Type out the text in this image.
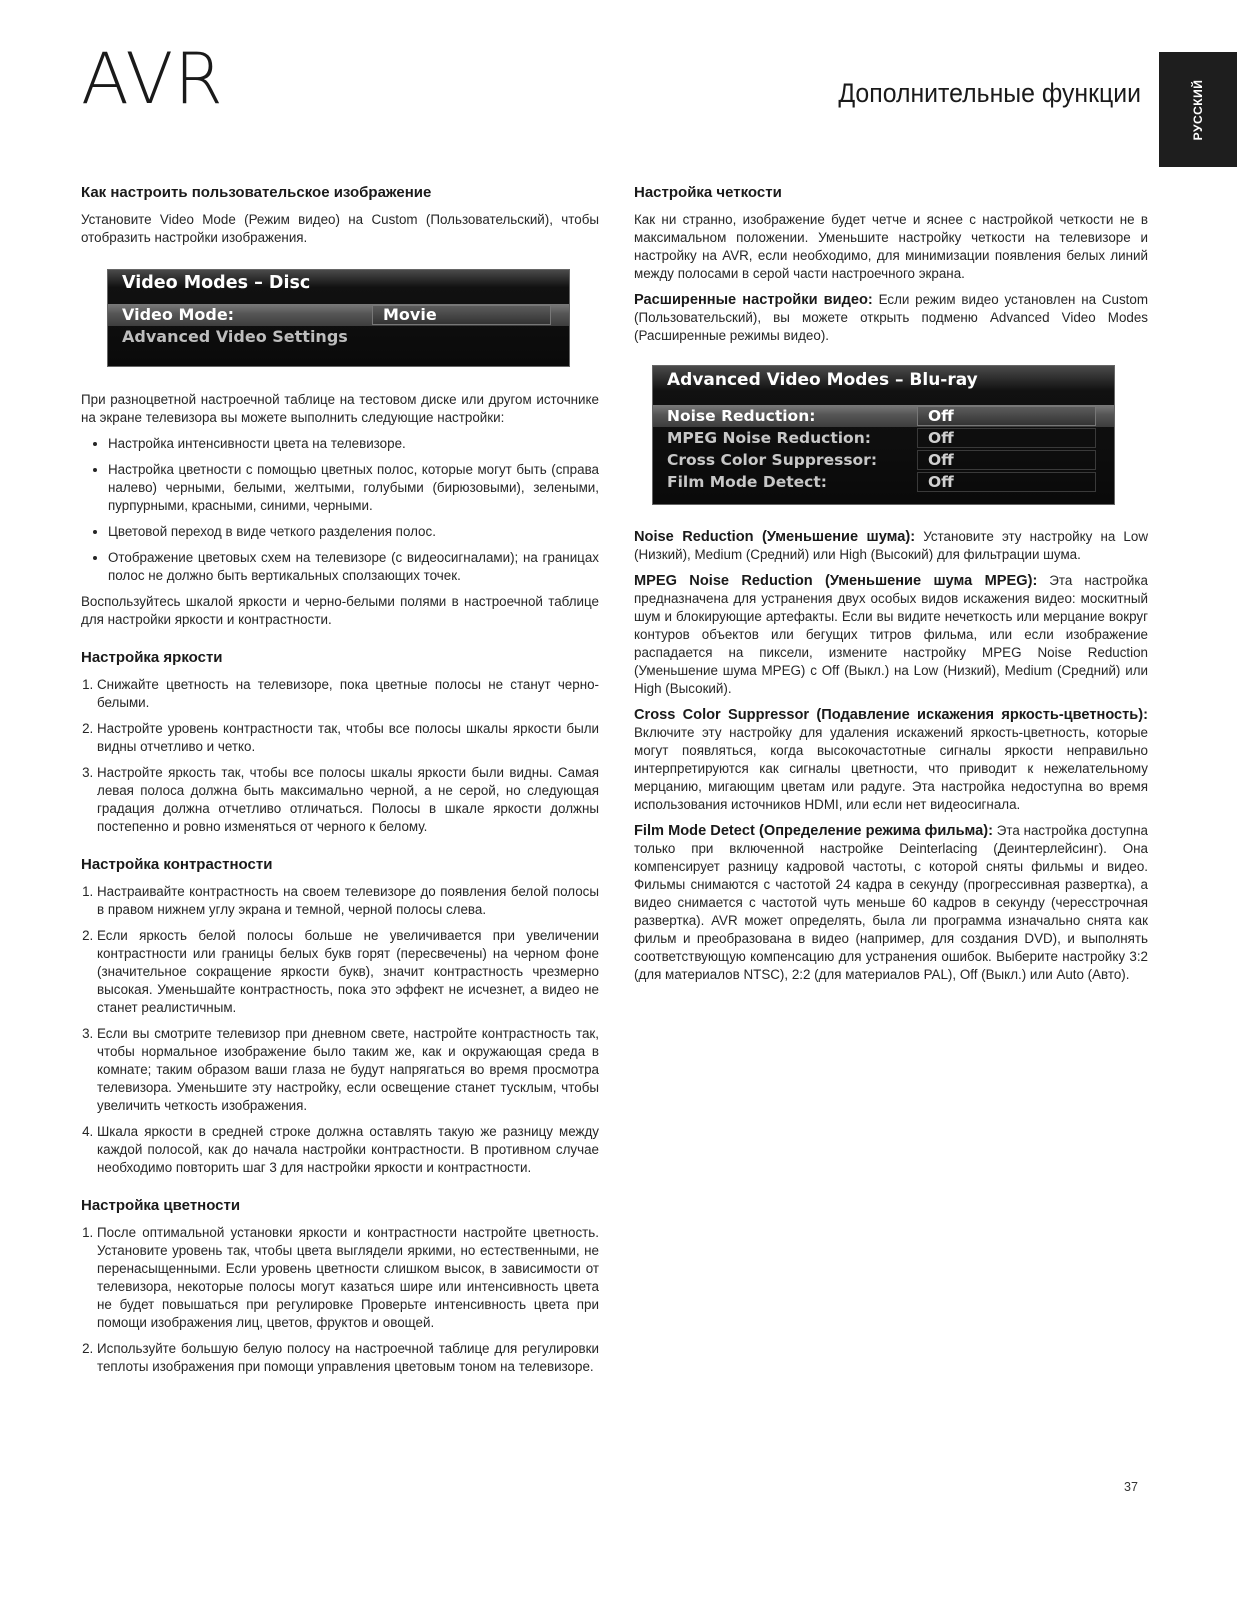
AVR	Дополнительные функции	РУССКИЙ
Как настроить пользовательское изображение

Установите Video Mode (Режим видео) на Custom (Пользовательский), чтобы отобразить настройки изображения.

Video Modes – Disc
Video Mode:	Movie
Advanced Video Settings

При разноцветной настроечной таблице на тестовом диске или другом источнике на экране телевизора вы можете выполнить следующие настройки:

• Настройка интенсивности цвета на телевизоре.
• Настройка цветности с помощью цветных полос, которые могут быть (справа налево) черными, белыми, желтыми, голубыми (бирюзовыми), зелеными, пурпурными, красными, синими, черными.
• Цветовой переход в виде четкого разделения полос.
• Отображение цветовых схем на телевизоре (с видеосигналами); на границах полос не должно быть вертикальных сползающих точек.

Воспользуйтесь шкалой яркости и черно-белыми полями в настроечной таблице для настройки яркости и контрастности.

Настройка яркости
1. Снижайте цветность на телевизоре, пока цветные полосы не станут черно-белыми.
2. Настройте уровень контрастности так, чтобы все полосы шкалы яркости были видны отчетливо и четко.
3. Настройте яркость так, чтобы все полосы шкалы яркости были видны. Самая левая полоса должна быть максимально черной, а не серой, но следующая градация должна отчетливо отличаться. Полосы в шкале яркости должны постепенно и ровно изменяться от черного к белому.
Настройка контрастности
1. Настраивайте контрастность на своем телевизоре до появления белой полосы в правом нижнем углу экрана и темной, черной полосы слева.
2. Если яркость белой полосы больше не увеличивается при увеличении контрастности или границы белых букв горят (пересвечены) на черном фоне (значительное сокращение яркости букв), значит контрастность чрезмерно высокая. Уменьшайте контрастность, пока это эффект не исчезнет, а видео не станет реалистичным.
3. Если вы смотрите телевизор при дневном свете, настройте контрастность так, чтобы нормальное изображение было таким же, как и окружающая среда в комнате; таким образом ваши глаза не будут напрягаться во время просмотра телевизора. Уменьшите эту настройку, если освещение станет тусклым, чтобы увеличить четкость изображения.
4. Шкала яркости в средней строке должна оставлять такую же разницу между каждой полосой, как до начала настройки контрастности. В противном случае необходимо повторить шаг 3 для настройки яркости и контрастности.
Настройка цветности
1. После оптимальной установки яркости и контрастности настройте цветность. Установите уровень так, чтобы цвета выглядели яркими, но естественными, не перенасыщенными. Если уровень цветности слишком высок, в зависимости от телевизора, некоторые полосы могут казаться шире или интенсивность цвета не будет повышаться при регулировке Проверьте интенсивность цвета при помощи изображения лиц, цветов, фруктов и овощей.
2. Используйте большую белую полосу на настроечной таблице для регулировки теплоты изображения при помощи управления цветовым тоном на телевизоре.
Настройка четкости

Как ни странно, изображение будет четче и яснее с настройкой четкости не в максимальном положении. Уменьшите настройку четкости на телевизоре и настройку на AVR, если необходимо, для минимизации появления белых линий между полосами в серой части настроечного экрана.

Расширенные настройки видео: Если режим видео установлен на Custom (Пользовательский), вы можете открыть подменю Advanced Video Modes (Расширенные режимы видео).

Advanced Video Modes – Blu-ray
Noise Reduction:	Off
MPEG Noise Reduction:	Off
Cross Color Suppressor:	Off
Film Mode Detect:	Off

Noise Reduction (Уменьшение шума): Установите эту настройку на Low (Низкий), Medium (Средний) или High (Высокий) для фильтрации шума.

MPEG Noise Reduction (Уменьшение шума MPEG): Эта настройка предназначена для устранения двух особых видов искажения видео: москитный шум и блокирующие артефакты. Если вы видите нечеткость или мерцание вокруг контуров объектов или бегущих титров фильма, или если изображение распадается на пиксели, измените настройку MPEG Noise Reduction (Уменьшение шума MPEG) с Off (Выкл.) на Low (Низкий), Medium (Средний) или High (Высокий).

Cross Color Suppressor (Подавление искажения яркость-цветность): Включите эту настройку для удаления искажений яркость-цветность, которые могут появляться, когда высокочастотные сигналы яркости неправильно интерпретируются как сигналы цветности, что приводит к нежелательному мерцанию, мигающим цветам или радуге. Эта настройка недоступна во время использования источников HDMI, или если нет видеосигнала.

Film Mode Detect (Определение режима фильма): Эта настройка доступна только при включенной настройке Deinterlacing (Деинтерлейсинг). Она компенсирует разницу кадровой частоты, с которой сняты фильмы и видео. Фильмы снимаются с частотой 24 кадра в секунду (прогрессивная развертка), а видео снимается с частотой чуть меньше 60 кадров в секунду (чересстрочная развертка). AVR может определять, была ли программа изначально снята как фильм и преобразована в видео (например, для создания DVD), и выполнять соответствующую компенсацию для устранения ошибок. Выберите настройку 3:2 (для материалов NTSC), 2:2 (для материалов PAL), Off (Выкл.) или Auto (Авто).

37
